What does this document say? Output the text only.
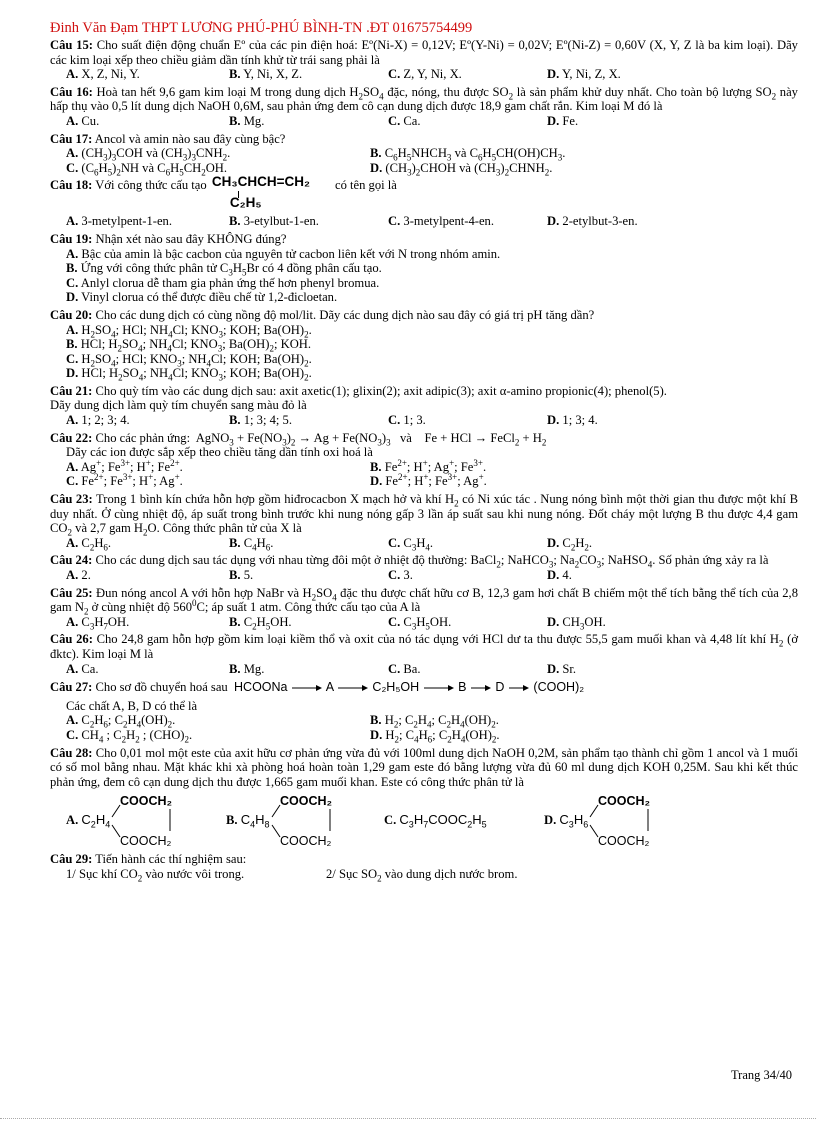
Đinh Văn Đạm THPT LƯƠNG PHÚ-PHÚ BÌNH-TN .ĐT 01675754499
Câu 15: Cho suất điện động chuẩn Eº của các pin điện hoá: Eº(Ni-X) = 0,12V; Eº(Y-Ni) = 0,02V; Eº(Ni-Z) = 0,60V (X, Y, Z là ba kim loại). Dãy các kim loại xếp theo chiều giảm dần tính khử từ trái sang phải là
A. X, Z, Ni, Y.	B. Y, Ni, X, Z.	C. Z, Y, Ni, X.	D. Y, Ni, Z, X.
Câu 16: Hoà tan hết 9,6 gam kim loại M trong dung dịch $H_2SO_4$ đặc, nóng, thu được $SO_2$ là sản phẩm khử duy nhất. Cho toàn bộ lượng $SO_2$ này hấp thụ vào 0,5 lít dung dịch NaOH 0,6M, sau phản ứng đem cô cạn dung dịch được 18,9 gam chất rắn. Kim loại M đó là
A. Cu.	B. Mg.	C. Ca.	D. Fe.
Câu 17: Ancol và amin nào sau đây cùng bậc?
A. $(CH_3)_3COH$ và $(CH_3)_3CNH_2$.	B. $C_6H_5NHCH_3$ và $C_6H_5CH(OH)CH_3$.
C. $(C_6H_5)_2NH$ và $C_6H_5CH_2OH$.	D. $(CH_3)_2CHOH$ và $(CH_3)_2CHNH_2$.
Câu 18: Với công thức cấu tạo CH₃CHCH=CH₂
C₂H₅
có tên gọi là
A. 3-metylpent-1-en.	B. 3-etylbut-1-en.	C. 3-metylpent-4-en.	D. 2-etylbut-3-en.
Câu 19: Nhận xét nào sau đây KHÔNG đúng?
A. Bậc của amin là bậc cacbon của nguyên tử cacbon liên kết với N trong nhóm amin.
B. Ứng với công thức phân tử $C_3H_5Br$ có 4 đồng phân cấu tạo.
C. Anlyl clorua dễ tham gia phản ứng thế hơn phenyl bromua.
D. Vinyl clorua có thể được điều chế từ 1,2-đicloetan.
Câu 20: Cho các dung dịch có cùng nồng độ mol/lit. Dãy các dung dịch nào sau đây có giá trị pH tăng dần?
A. $H_2SO_4$; HCl; $NH_4Cl$; $KNO_3$; KOH; $Ba(OH)_2$.
B. HCl; $H_2SO_4$; $NH_4Cl$; $KNO_3$; $Ba(OH)_2$; KOH.
C. $H_2SO_4$; HCl; $KNO_3$; $NH_4Cl$; KOH; $Ba(OH)_2$.
D. HCl; $H_2SO_4$; $NH_4Cl$; $KNO_3$; KOH; $Ba(OH)_2$.
Câu 21: Cho quỳ tím vào các dung dịch sau: axit axetic(1); glixin(2); axit adipic(3); axit α-amino propionic(4); phenol(5).
Dãy dung dịch làm quỳ tím chuyển sang màu đỏ là
A. 1; 2; 3; 4.	B. 1; 3; 4; 5.	C. 1; 3.	D. 1; 3; 4.
Câu 22: Cho các phản ứng:  AgNO$_3$ + $Fe(NO_3)_2 \to Ag + Fe(NO_3)_3$   và    Fe + HCl → FeCl$_2$ + $H_2$
Dãy các ion được sắp xếp theo chiều tăng dần tính oxi hoá là
A. Ag+; $Fe^{3+}$; H+; $Fe^{2+}$.	B. $Fe^{2+}$; H+; Ag+; $Fe^{3+}$.
C. $Fe^{2+}$; $Fe^{3+}$; H+; Ag+.	D. $Fe^{2+}$; H+; $Fe^{3+}$; Ag+.
Câu 23: Trong 1 bình kín chứa hỗn hợp gồm hiđrocacbon X mạch hở và khí $H_2$ có Ni xúc tác . Nung nóng bình một thời gian thu được một khí B duy nhất. Ở cùng nhiệt độ, áp suất trong bình trước khi nung nóng gấp 3 lần áp suất sau khi nung nóng. Đốt cháy một lượng B thu được 4,4 gam $CO_2$ và 2,7 gam $H_2O$. Công thức phân tử của X là
A. $C_2H_6$.	B. $C_4H_6$.	C. $C_3H_4$.	D. $C_2H_2$.
Câu 24: Cho các dung dịch sau tác dụng với nhau từng đôi một ở nhiệt độ thường: BaCl$_2$; NaHCO$_3$; $Na_2CO_3$; NaHSO$_4$. Số phản ứng xảy ra là
A. 2.	B. 5.	C. 3.	D. 4.
Câu 25: Đun nóng ancol A với hỗn hợp NaBr và $H_2SO_4$ đặc thu được chất hữu cơ B, 12,3 gam hơi chất B chiếm một thể tích bằng thể tích của 2,8 gam $N_2$ ở cùng nhiệt độ $560^0C$; áp suất 1 atm. Công thức cấu tạo của A là
A. $C_3H_7OH$.	B. $C_2H_5OH$.	C. $C_3H_5OH$.	D. $CH_3OH$.
Câu 26: Cho 24,8 gam hỗn hợp gồm kim loại kiềm thổ và oxit của nó tác dụng với HCl dư ta thu được 55,5 gam muối khan và 4,48 lít khí $H_2$ (ở đktc). Kim loại M là
A. Ca.	B. Mg.	C. Ba.	D. Sr.
Câu 27: Cho sơ đồ chuyển hoá sau HCOONa	A	C₂H₅OH	B D (COOH)₂
Các chất A, B, D có thể là
A. $C_2H_6$; $C_2H_4(OH)_2$.	B. $H_2$; $C_2H_4$; $C_2H_4(OH)_2$.
C. $CH_4$ ; $C_2H_2$ ; $(CHO)_2$.	D. $H_2$; $C_4H_6$; $C_2H_4(OH)_2$.
Câu 28: Cho 0,01 mol một este của axit hữu cơ phản ứng vừa đủ với 100ml dung dịch NaOH 0,2M, sản phẩm tạo thành chỉ gồm 1 ancol và 1 muối có số mol bằng nhau. Mặt khác khi xà phòng hoá hoàn toàn 1,29 gam este đó bằng lượng vừa đủ 60 ml dung dịch KOH 0,25M. Sau khi kết thúc phản ứng, đem cô cạn dung dịch thu được 1,665 gam muối khan. Este có công thức phân tử là
A.
$C_2H_4$
COOCH₂
COOCH₂
B.
$C_4H_8$
COOCH₂
COOCH₂
C.
$C_3H_7COOC_2H_5$	D.
$C_3H_6$
COOCH₂
COOCH₂
Câu 29: Tiến hành các thí nghiệm sau:
1/ Sục khí $CO_2$ vào nước vôi trong.	2/ Sục $SO_2$ vào dung dịch nước brom.
Trang 34/40
